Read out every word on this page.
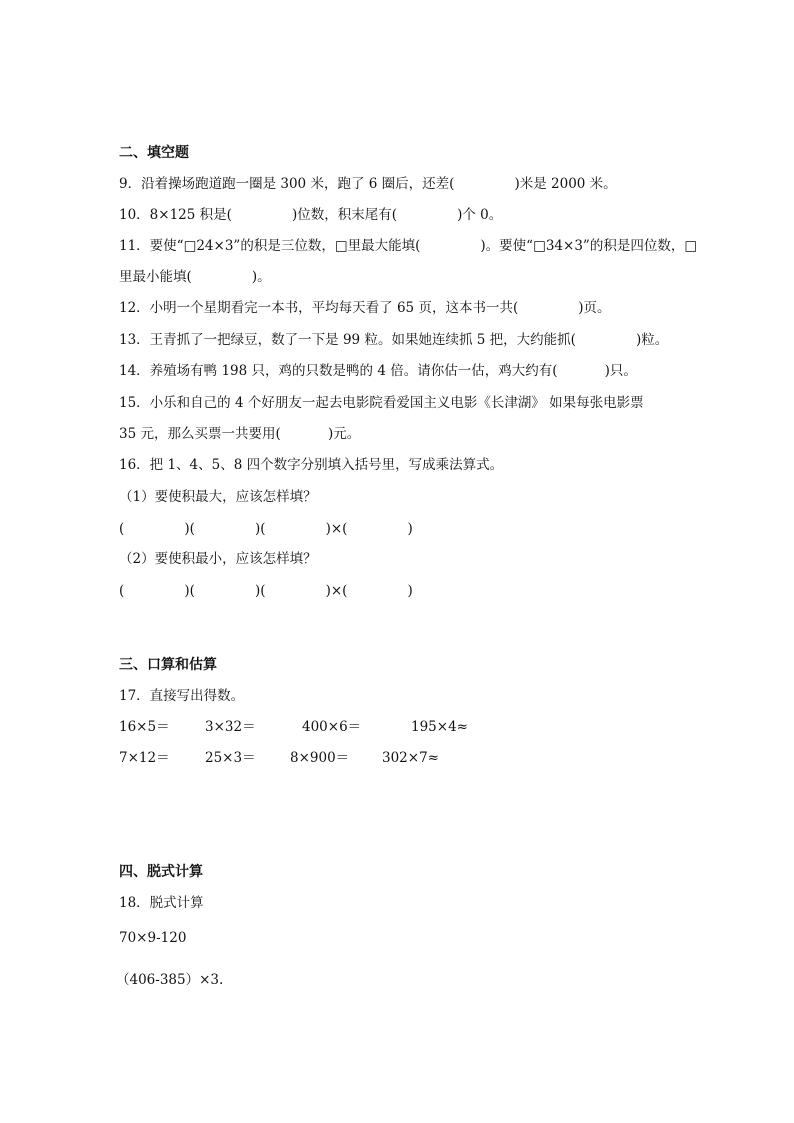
二、填空题
9．沿着操场跑道跑一圈是 300 米，跑了 6 圈后，还差(              )米是 2000 米。
10．8×125 积是(              )位数，积末尾有(              )个 0。
11．要使“□24×3”的积是三位数，□里最大能填(              )。要使“□34×3”的积是四位数，□
里最小能填(              )。
12．小明一个星期看完一本书，平均每天看了 65 页，这本书一共(              )页。
13．王青抓了一把绿豆，数了一下是 99 粒。如果她连续抓 5 把，大约能抓(              )粒。
14．养殖场有鸭 198 只，鸡的只数是鸭的 4 倍。请你估一估，鸡大约有(           )只。
15．小乐和自己的 4 个好朋友一起去电影院看爱国主义电影《长津湖》 如果每张电影票
35 元，那么买票一共要用(           )元。
16．把 1、4、5、8 四个数字分别填入括号里，写成乘法算式。
（1）要使积最大，应该怎样填？
(              )(              )(              )×(              )
（2）要使积最小，应该怎样填？
(              )(              )(              )×(              )
三、口算和估算
17．直接写出得数。
16×5＝	3×32＝	400×6＝	195×4≈
7×12＝	25×3＝	8×900＝ 302×7≈
四、脱式计算
18．脱式计算
70×9-120
（406-385）×3.
